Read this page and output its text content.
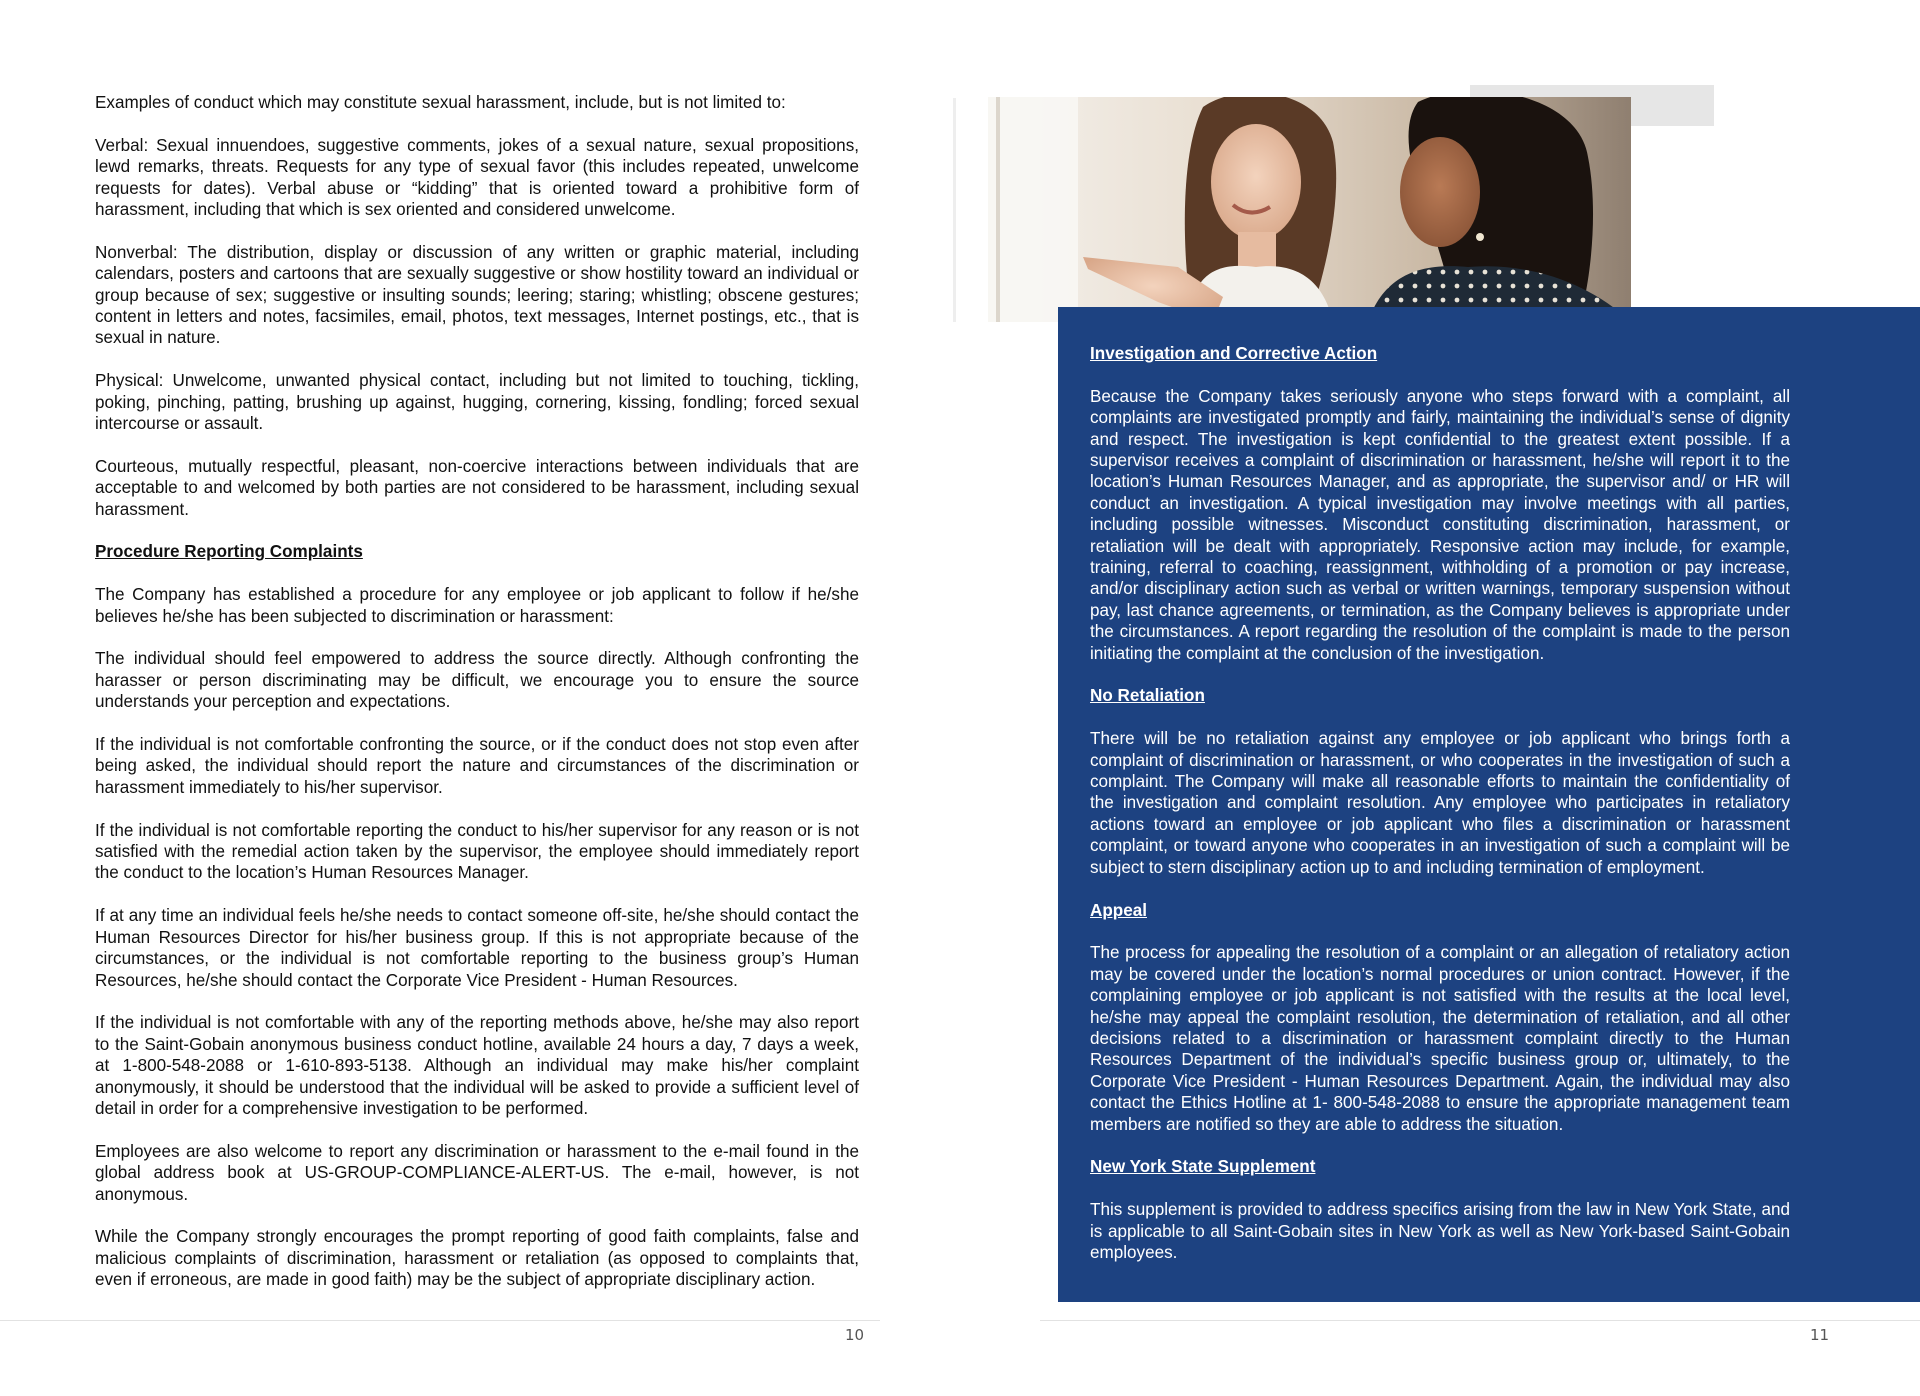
Examples of conduct which may constitute sexual harassment, include, but is not limited to:

Verbal: Sexual innuendoes, suggestive comments, jokes of a sexual nature, sexual propositions, lewd remarks, threats. Requests for any type of sexual favor (this includes repeated, unwelcome requests for dates). Verbal abuse or “kidding” that is oriented toward a prohibitive form of harassment, including that which is sex oriented and considered unwelcome.

Nonverbal: The distribution, display or discussion of any written or graphic material, including calendars, posters and cartoons that are sexually suggestive or show hostility toward an individual or group because of sex; suggestive or insulting sounds; leering; staring; whistling; obscene gestures; content in letters and notes, facsimiles, email, photos, text messages, Internet postings, etc., that is sexual in nature.

Physical: Unwelcome, unwanted physical contact, including but not limited to touching, tickling, poking, pinching, patting, brushing up against, hugging, cornering, kissing, fondling; forced sexual intercourse or assault.

Courteous, mutually respectful, pleasant, non-coercive interactions between individuals that are acceptable to and welcomed by both parties are not considered to be harassment, including sexual harassment.

Procedure Reporting Complaints

The Company has established a procedure for any employee or job applicant to follow if he/she believes he/she has been subjected to discrimination or harassment:

The individual should feel empowered to address the source directly. Although confronting the harasser or person discriminating may be difficult, we encourage you to ensure the source understands your perception and expectations.

If the individual is not comfortable confronting the source, or if the conduct does not stop even after being asked, the individual should report the nature and circumstances of the discrimination or harassment immediately to his/her supervisor.

If the individual is not comfortable reporting the conduct to his/her supervisor for any reason or is not satisfied with the remedial action taken by the supervisor, the employee should immediately report the conduct to the location’s Human Resources Manager.

If at any time an individual feels he/she needs to contact someone off-site, he/she should contact the Human Resources Director for his/her business group. If this is not appropriate because of the circumstances, or the individual is not comfortable reporting to the business group’s Human Resources, he/she should contact the Corporate Vice President - Human Resources.

If the individual is not comfortable with any of the reporting methods above, he/she may also report to the Saint-Gobain anonymous business conduct hotline, available 24 hours a day, 7 days a week, at 1-800-548-2088 or 1-610-893-5138. Although an individual may make his/her complaint anonymously, it should be understood that the individual will be asked to provide a sufficient level of detail in order for a comprehensive investigation to be performed.

Employees are also welcome to report any discrimination or harassment to the e-mail found in the global address book at US-GROUP-COMPLIANCE-ALERT-US. The e-mail, however, is not anonymous.

While the Company strongly encourages the prompt reporting of good faith complaints, false and malicious complaints of discrimination, harassment or retaliation (as opposed to complaints that, even if erroneous, are made in good faith) may be the subject of appropriate disciplinary action.

10

Investigation and Corrective Action

Because the Company takes seriously anyone who steps forward with a complaint, all complaints are investigated promptly and fairly, maintaining the individual’s sense of dignity and respect. The investigation is kept confidential to the greatest extent possible. If a supervisor receives a complaint of discrimination or harassment, he/she will report it to the location’s Human Resources Manager, and as appropriate, the supervisor and/ or HR will conduct an investigation. A typical investigation may involve meetings with all parties, including possible witnesses. Misconduct constituting discrimination, harassment, or retaliation will be dealt with appropriately. Responsive action may include, for example, training, referral to coaching, reassignment, withholding of a promotion or pay increase, and/or disciplinary action such as verbal or written warnings, temporary suspension without pay, last chance agreements, or termination, as the Company believes is appropriate under the circumstances. A report regarding the resolution of the complaint is made to the person initiating the complaint at the conclusion of the investigation.

No Retaliation

There will be no retaliation against any employee or job applicant who brings forth a complaint of discrimination or harassment, or who cooperates in the investigation of such a complaint. The Company will make all reasonable efforts to maintain the confidentiality of the investigation and complaint resolution. Any employee who participates in retaliatory actions toward an employee or job applicant who files a discrimination or harassment complaint, or toward anyone who cooperates in an investigation of such a complaint will be subject to stern disciplinary action up to and including termination of employment.

Appeal

The process for appealing the resolution of a complaint or an allegation of retaliatory action may be covered under the location’s normal procedures or union contract. However, if the complaining employee or job applicant is not satisfied with the results at the local level, he/she may appeal the complaint resolution, the determination of retaliation, and all other decisions related to a discrimination or harassment complaint directly to the Human Resources Department of the individual’s specific business group or, ultimately, to the Corporate Vice President - Human Resources Department. Again, the individual may also contact the Ethics Hotline at 1- 800-548-2088 to ensure the appropriate management team members are notified so they are able to address the situation.

New York State Supplement

This supplement is provided to address specifics arising from the law in New York State, and is applicable to all Saint-Gobain sites in New York as well as New York-based Saint-Gobain employees.

11
